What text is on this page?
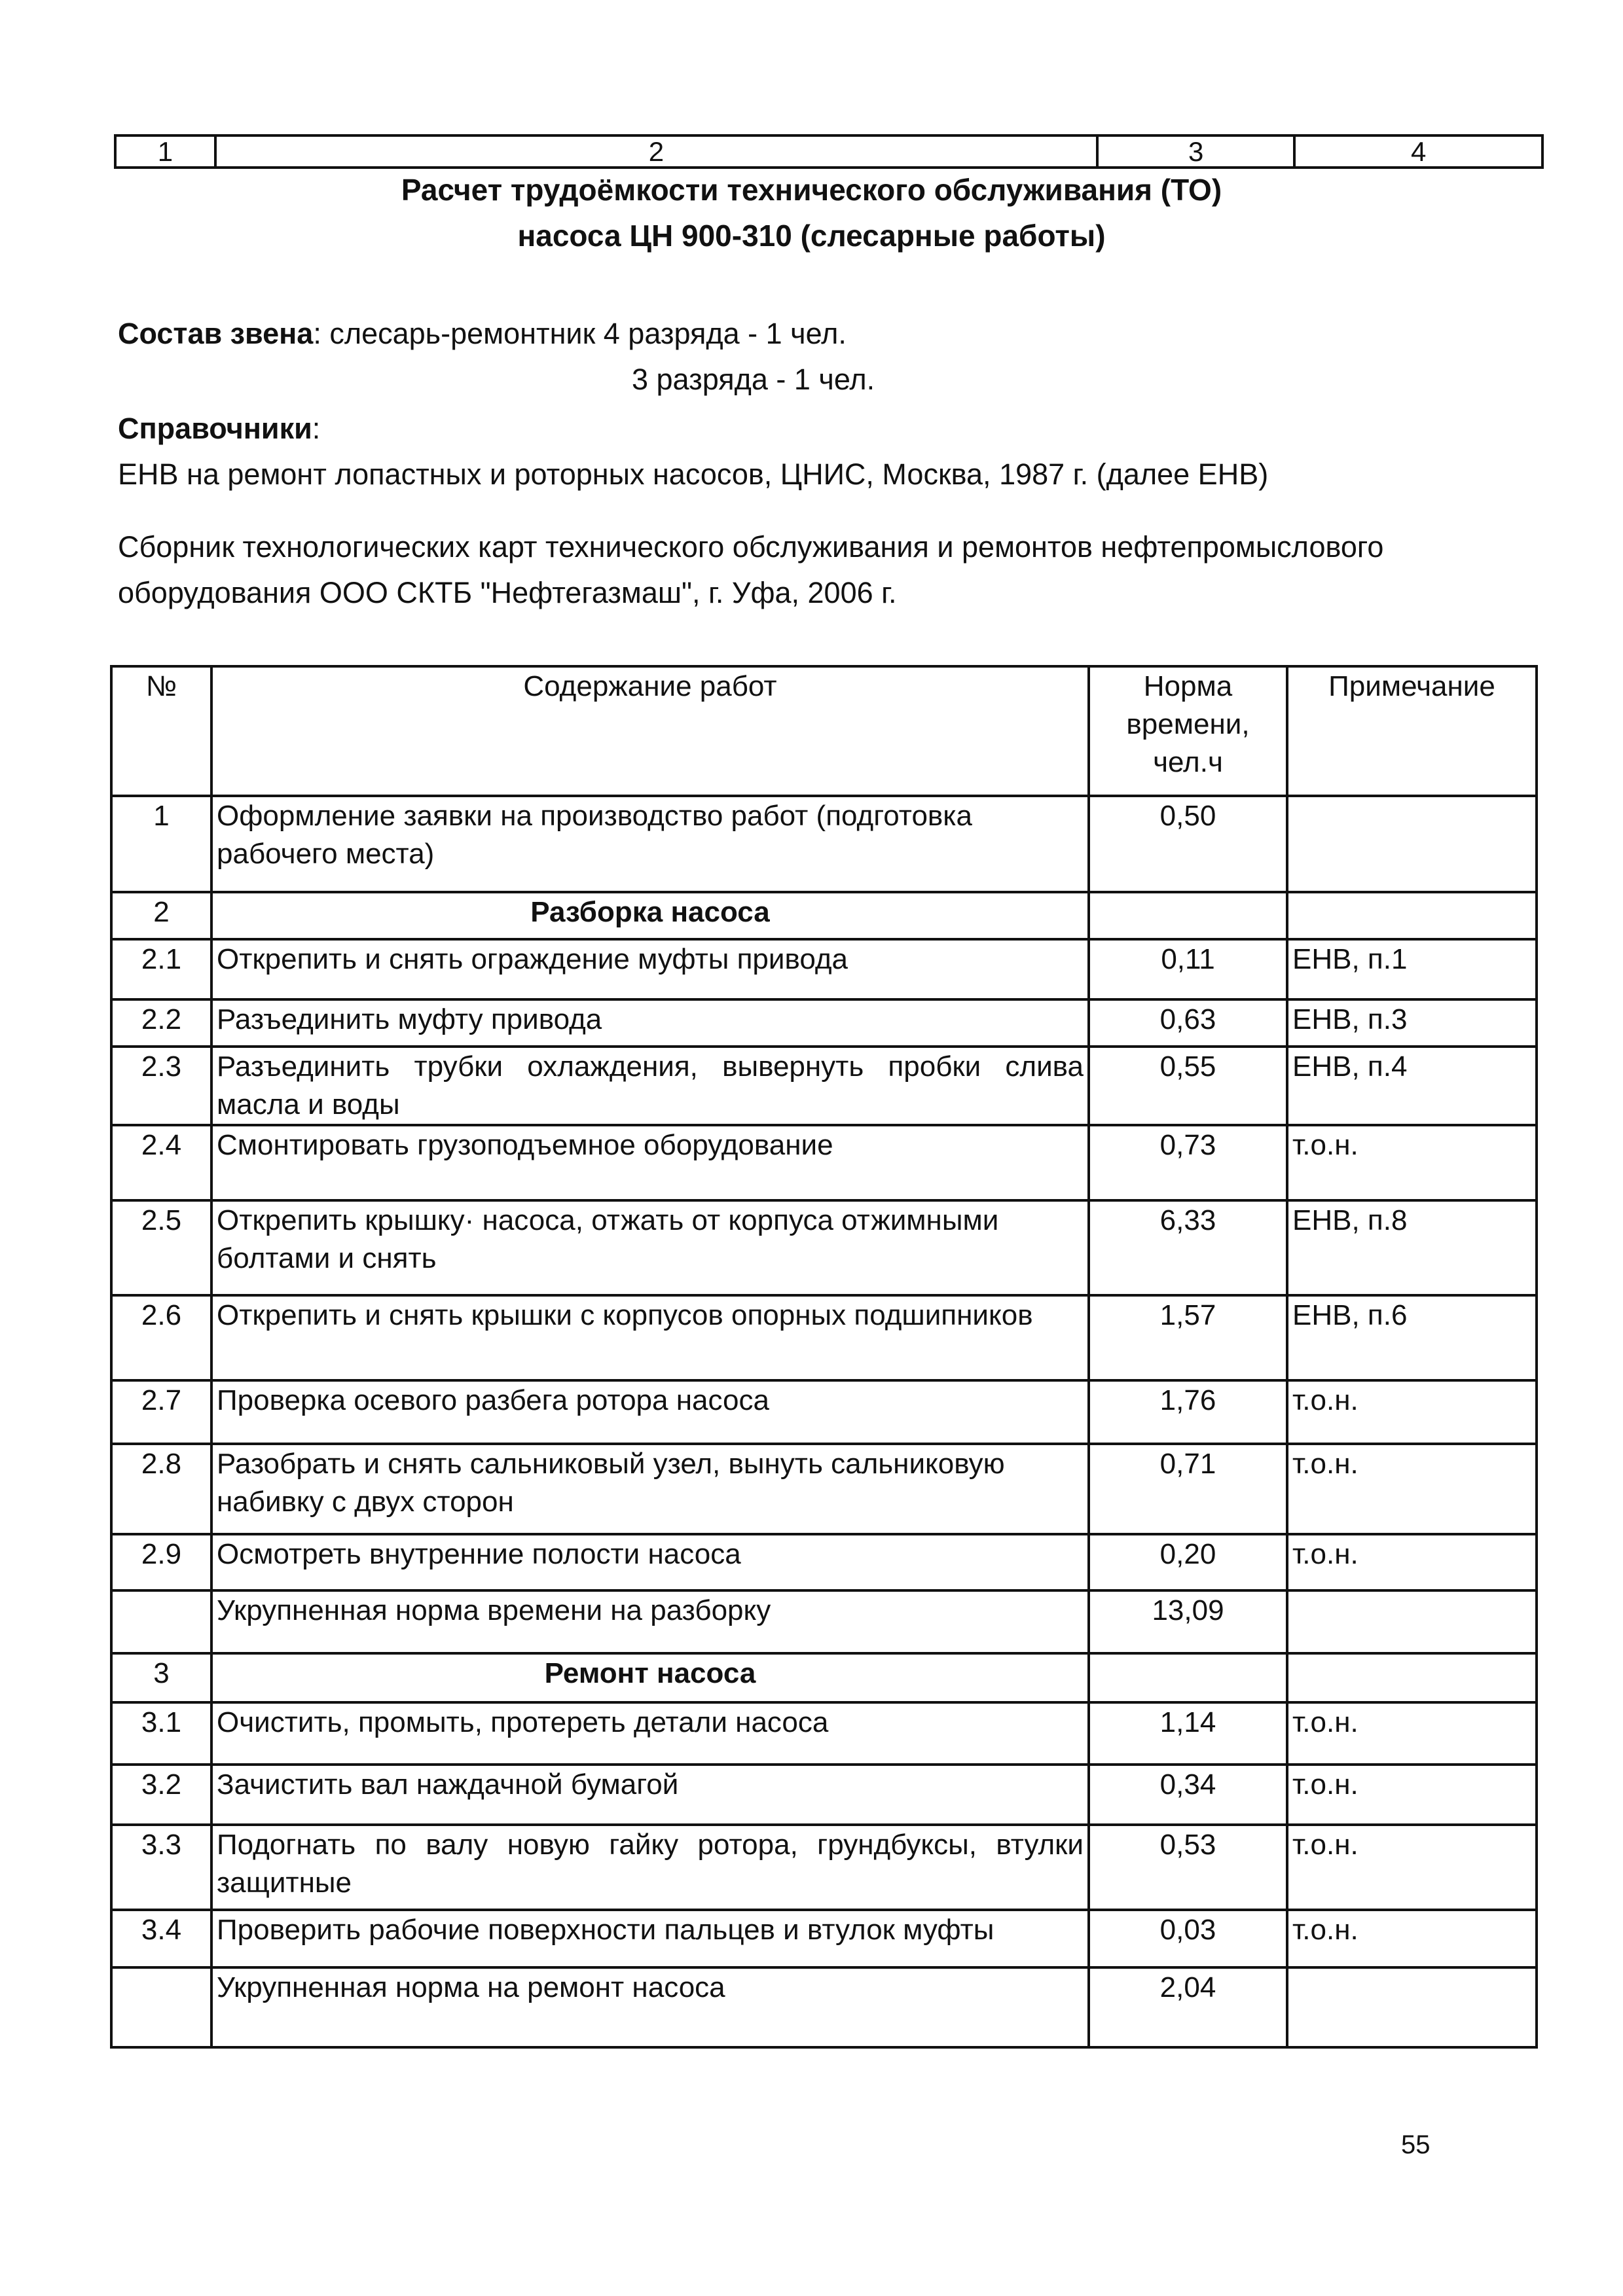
1	2	3	4
Расчет трудоёмкости технического обслуживания (ТО)
насоса ЦН 900-310 (слесарные работы)
Состав звена: слесарь-ремонтник 4 разряда - 1 чел.
3 разряда - 1 чел.
Справочники:
ЕНВ на ремонт лопастных и роторных насосов, ЦНИС, Москва, 1987 г. (далее ЕНВ)
Сборник технологических карт технического обслуживания и ремонтов нефтепромыслового
оборудования ООО СКТБ "Нефтегазмаш", г. Уфа, 2006 г.
№	Содержание работ	Норма времени, чел.ч	Примечание
1	Оформление заявки на производство работ (подготовка рабочего места)	0,50	
2	Разборка насоса		
2.1	Открепить и снять ограждение муфты привода	0,11	ЕНВ, п.1
2.2	Разъединить муфту привода	0,63	ЕНВ, п.3
2.3	Разъединить трубки охлаждения, вывернуть пробки слива масла и воды	0,55	ЕНВ, п.4
2.4	Смонтировать грузоподъемное оборудование	0,73	т.о.н.
2.5	Открепить крышку· насоса, отжать от корпуса отжимными болтами и снять	6,33	ЕНВ, п.8
2.6	Открепить и снять крышки с корпусов опорных подшипников	1,57	ЕНВ, п.6
2.7	Проверка осевого разбега ротора насоса	1,76	т.о.н.
2.8	Разобрать и снять сальниковый узел, вынуть сальниковую набивку с двух сторон	0,71	т.о.н.
2.9	Осмотреть внутренние полости насоса	0,20	т.о.н.
	Укрупненная норма времени на разборку	13,09	
3	Ремонт насоса		
3.1	Очистить, промыть, протереть детали насоса	1,14	т.о.н.
3.2	Зачистить вал наждачной бумагой	0,34	т.о.н.
3.3	Подогнать по валу новую гайку ротора, грундбуксы, втулки защитные	0,53	т.о.н.
3.4	Проверить рабочие поверхности пальцев и втулок муфты	0,03	т.о.н.
	Укрупненная норма на ремонт насоса	2,04	
55
